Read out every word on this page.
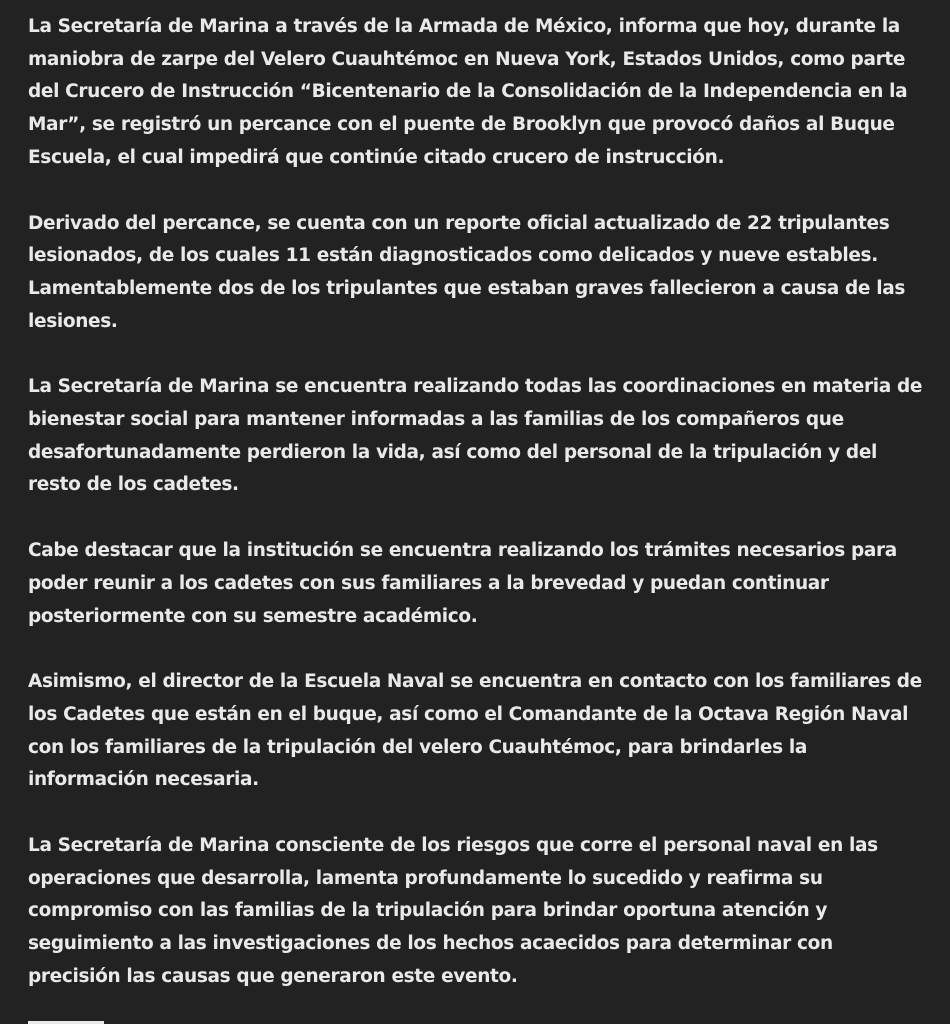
La Secretaría de Marina a través de la Armada de México, informa que hoy, durante la maniobra de zarpe del Velero Cuauhtémoc en Nueva York, Estados Unidos, como parte del Crucero de Instrucción “Bicentenario de la Consolidación de la Independencia en la Mar”, se registró un percance con el puente de Brooklyn que provocó daños al Buque Escuela, el cual impedirá que continúe citado crucero de instrucción.

Derivado del percance, se cuenta con un reporte oficial actualizado de 22 tripulantes lesionados, de los cuales 11 están diagnosticados como delicados y nueve estables. Lamentablemente dos de los tripulantes que estaban graves fallecieron a causa de las lesiones.

La Secretaría de Marina se encuentra realizando todas las coordinaciones en materia de bienestar social para mantener informadas a las familias de los compañeros que desafortunadamente perdieron la vida, así como del personal de la tripulación y del resto de los cadetes.

Cabe destacar que la institución se encuentra realizando los trámites necesarios para poder reunir a los cadetes con sus familiares a la brevedad y puedan continuar posteriormente con su semestre académico.

Asimismo, el director de la Escuela Naval se encuentra en contacto con los familiares de los Cadetes que están en el buque, así como el Comandante de la Octava Región Naval con los familiares de la tripulación del velero Cuauhtémoc, para brindarles la información necesaria.

La Secretaría de Marina consciente de los riesgos que corre el personal naval en las operaciones que desarrolla, lamenta profundamente lo sucedido y reafirma su compromiso con las familias de la tripulación para brindar oportuna atención y seguimiento a las investigaciones de los hechos acaecidos para determinar con precisión las causas que generaron este evento.
